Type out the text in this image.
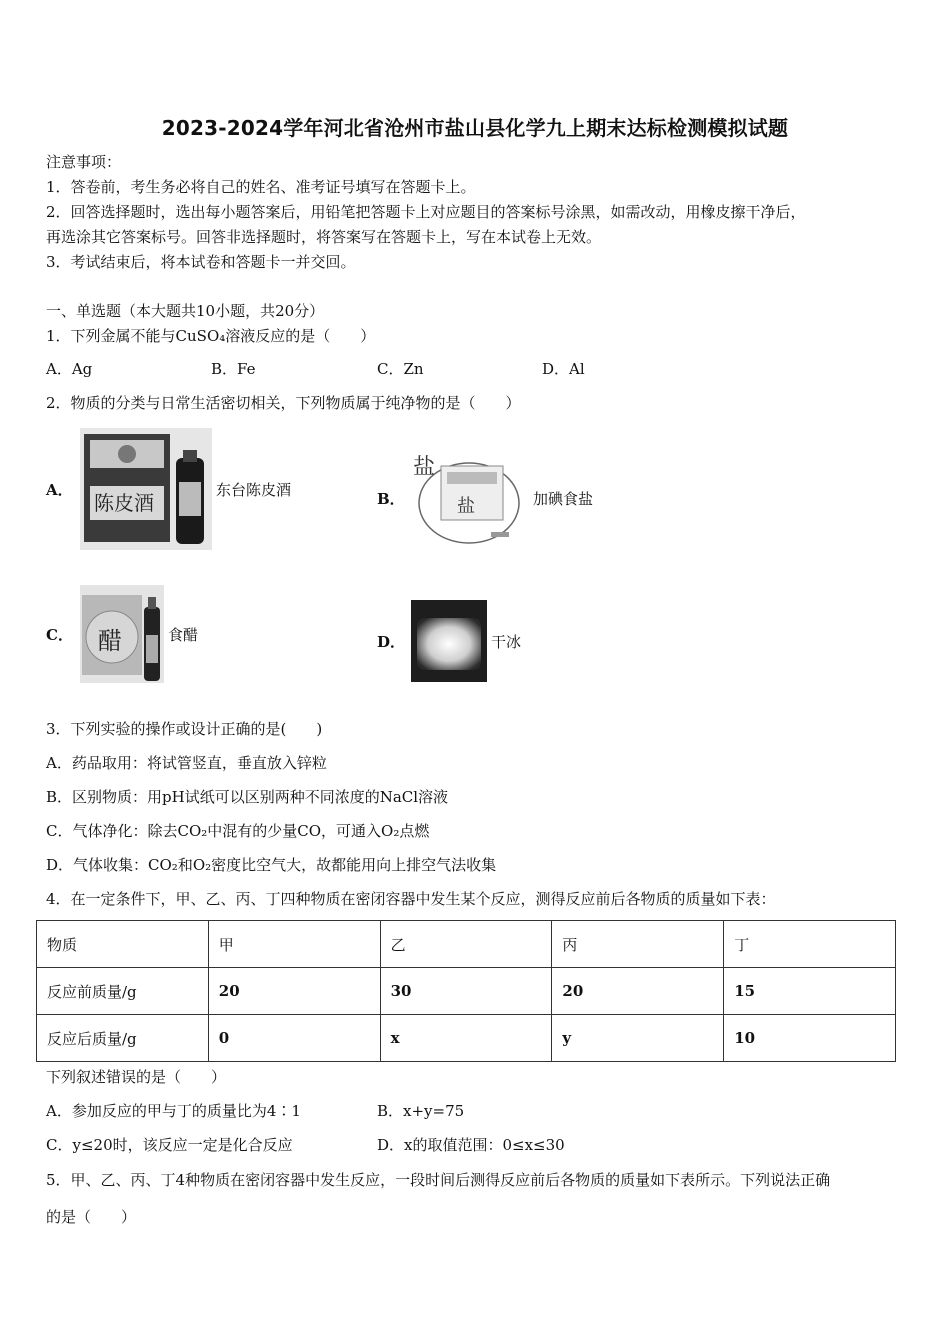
2023-2024学年河北省沧州市盐山县化学九上期末达标检测模拟试题
注意事项：
1．答卷前，考生务必将自己的姓名、准考证号填写在答题卡上。
2．回答选择题时，选出每小题答案后，用铅笔把答题卡上对应题目的答案标号涂黑，如需改动，用橡皮擦干净后，
再选涂其它答案标号。回答非选择题时，将答案写在答题卡上，写在本试卷上无效。
3．考试结束后，将本试卷和答题卡一并交回。
一、单选题（本大题共10小题，共20分）
1．下列金属不能与CuSO₄溶液反应的是（　　）
A．Ag	B．Fe	C．Zn	D．Al
2．物质的分类与日常生活密切相关，下列物质属于纯净物的是（　　）
A．
陈皮酒
东台陈皮酒	B．
盐
盐	加碘食盐
C． 醋	食醋	D．	干冰
3．下列实验的操作或设计正确的是(　　)
A．药品取用：将试管竖直，垂直放入锌粒
B．区别物质：用pH试纸可以区别两种不同浓度的NaCl溶液
C．气体净化：除去CO₂中混有的少量CO，可通入O₂点燃
D．气体收集：CO₂和O₂密度比空气大，故都能用向上排空气法收集
4．在一定条件下，甲、乙、丙、丁四种物质在密闭容器中发生某个反应，测得反应前后各物质的质量如下表：
物质	甲	乙	丙	丁
反应前质量/g	20	30	20	15
反应后质量/g	0	x	y	10
下列叙述错误的是（　　）
A．参加反应的甲与丁的质量比为4∶1	B．x+y=75
C．y≤20时，该反应一定是化合反应	D．x的取值范围：0≤x≤30
5．甲、乙、丙、丁4种物质在密闭容器中发生反应，一段时间后测得反应前后各物质的质量如下表所示。下列说法正确
的是（　　）
